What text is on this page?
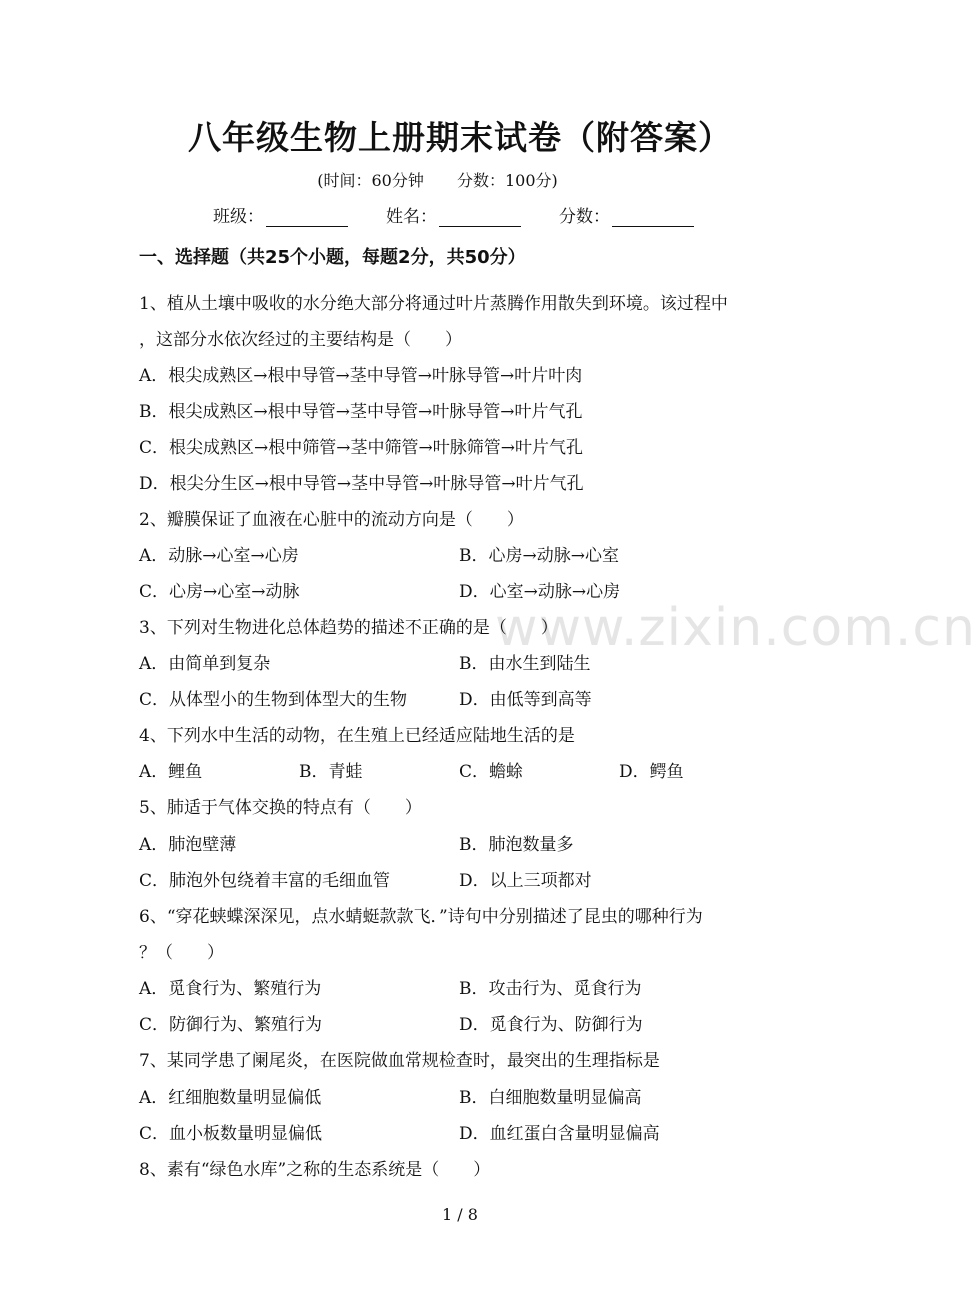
www.zixin.com.cn
八年级生物上册期末试卷（附答案）
(时间：60分钟 分数：100分)
班级：	姓名：	分数：
一、选择题（共25个小题，每题2分，共50分）
1、植从土壤中吸收的水分绝大部分将通过叶片蒸腾作用散失到环境。该过程中
，这部分水依次经过的主要结构是（　　）
A．根尖成熟区→根中导管→茎中导管→叶脉导管→叶片叶肉
B．根尖成熟区→根中导管→茎中导管→叶脉导管→叶片气孔
C．根尖成熟区→根中筛管→茎中筛管→叶脉筛管→叶片气孔
D．根尖分生区→根中导管→茎中导管→叶脉导管→叶片气孔
2、瓣膜保证了血液在心脏中的流动方向是（　　）
A．动脉→心室→心房	B．心房→动脉→心室
C．心房→心室→动脉	D．心室→动脉→心房
3、下列对生物进化总体趋势的描述不正确的是（　　）
A．由简单到复杂	B．由水生到陆生
C．从体型小的生物到体型大的生物	D．由低等到高等
4、下列水中生活的动物，在生殖上已经适应陆地生活的是
A．鲤鱼	B．青蛙	C．蟾蜍	D．鳄鱼
5、肺适于气体交换的特点有（　　）
A．肺泡壁薄	B．肺泡数量多
C．肺泡外包绕着丰富的毛细血管	D．以上三项都对
6、“穿花蛱蝶深深见，点水蜻蜓款款飞．”诗句中分别描述了昆虫的哪种行为
？（　　）
A．觅食行为、繁殖行为	B．攻击行为、觅食行为
C．防御行为、繁殖行为	D．觅食行为、防御行为
7、某同学患了阑尾炎，在医院做血常规检查时，最突出的生理指标是
A．红细胞数量明显偏低	B．白细胞数量明显偏高
C．血小板数量明显偏低	D．血红蛋白含量明显偏高
8、素有“绿色水库”之称的生态系统是（　　）
1 / 8
